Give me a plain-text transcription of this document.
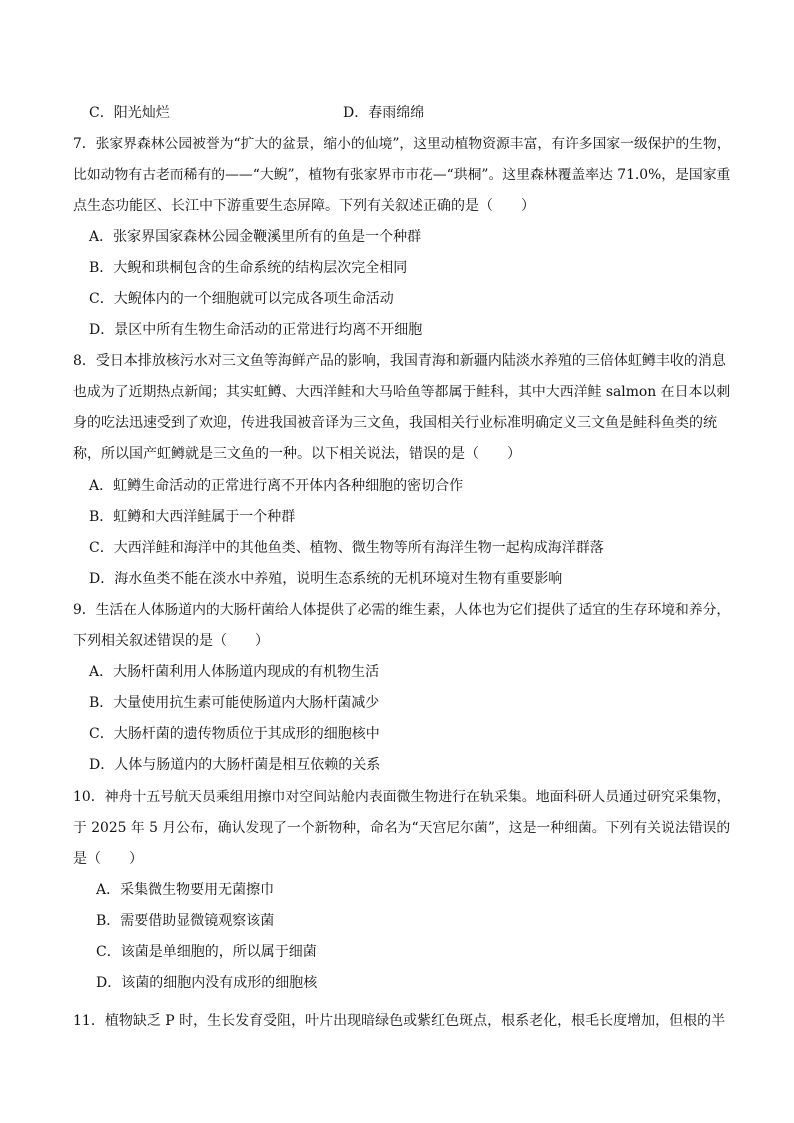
C．阳光灿烂	D．春雨绵绵
7．张家界森林公园被誉为“扩大的盆景，缩小的仙境”，这里动植物资源丰富，有许多国家一级保护的生物，
比如动物有古老而稀有的——“大鲵”，植物有张家界市市花—“珙桐”。这里森林覆盖率达 71.0%，是国家重
点生态功能区、长江中下游重要生态屏障。下列有关叙述正确的是（　　）
A．张家界国家森林公园金鞭溪里所有的鱼是一个种群
B．大鲵和珙桐包含的生命系统的结构层次完全相同
C．大鲵体内的一个细胞就可以完成各项生命活动
D．景区中所有生物生命活动的正常进行均离不开细胞
8．受日本排放核污水对三文鱼等海鲜产品的影响，我国青海和新疆内陆淡水养殖的三倍体虹鳟丰收的消息
也成为了近期热点新闻；其实虹鳟、大西洋鲑和大马哈鱼等都属于鲑科，其中大西洋鲑 salmon 在日本以刺
身的吃法迅速受到了欢迎，传进我国被音译为三文鱼，我国相关行业标准明确定义三文鱼是鲑科鱼类的统
称，所以国产虹鳟就是三文鱼的一种。以下相关说法，错误的是（　　）
A．虹鳟生命活动的正常进行离不开体内各种细胞的密切合作
B．虹鳟和大西洋鲑属于一个种群
C．大西洋鲑和海洋中的其他鱼类、植物、微生物等所有海洋生物一起构成海洋群落
D．海水鱼类不能在淡水中养殖，说明生态系统的无机环境对生物有重要影响
9．生活在人体肠道内的大肠杆菌给人体提供了必需的维生素，人体也为它们提供了适宜的生存环境和养分，
下列相关叙述错误的是（　　）
A．大肠杆菌利用人体肠道内现成的有机物生活
B．大量使用抗生素可能使肠道内大肠杆菌减少
C．大肠杆菌的遗传物质位于其成形的细胞核中
D．人体与肠道内的大肠杆菌是相互依赖的关系
10．神舟十五号航天员乘组用擦巾对空间站舱内表面微生物进行在轨采集。地面科研人员通过研究采集物，
于 2025 年 5 月公布，确认发现了一个新物种，命名为“天宫尼尔菌”，这是一种细菌。下列有关说法错误的
是（　　）
A．采集微生物要用无菌擦巾
B．需要借助显微镜观察该菌
C．该菌是单细胞的，所以属于细菌
D．该菌的细胞内没有成形的细胞核
11．植物缺乏 P 时，生长发育受阻，叶片出现暗绿色或紫红色斑点，根系老化，根毛长度增加，但根的半
